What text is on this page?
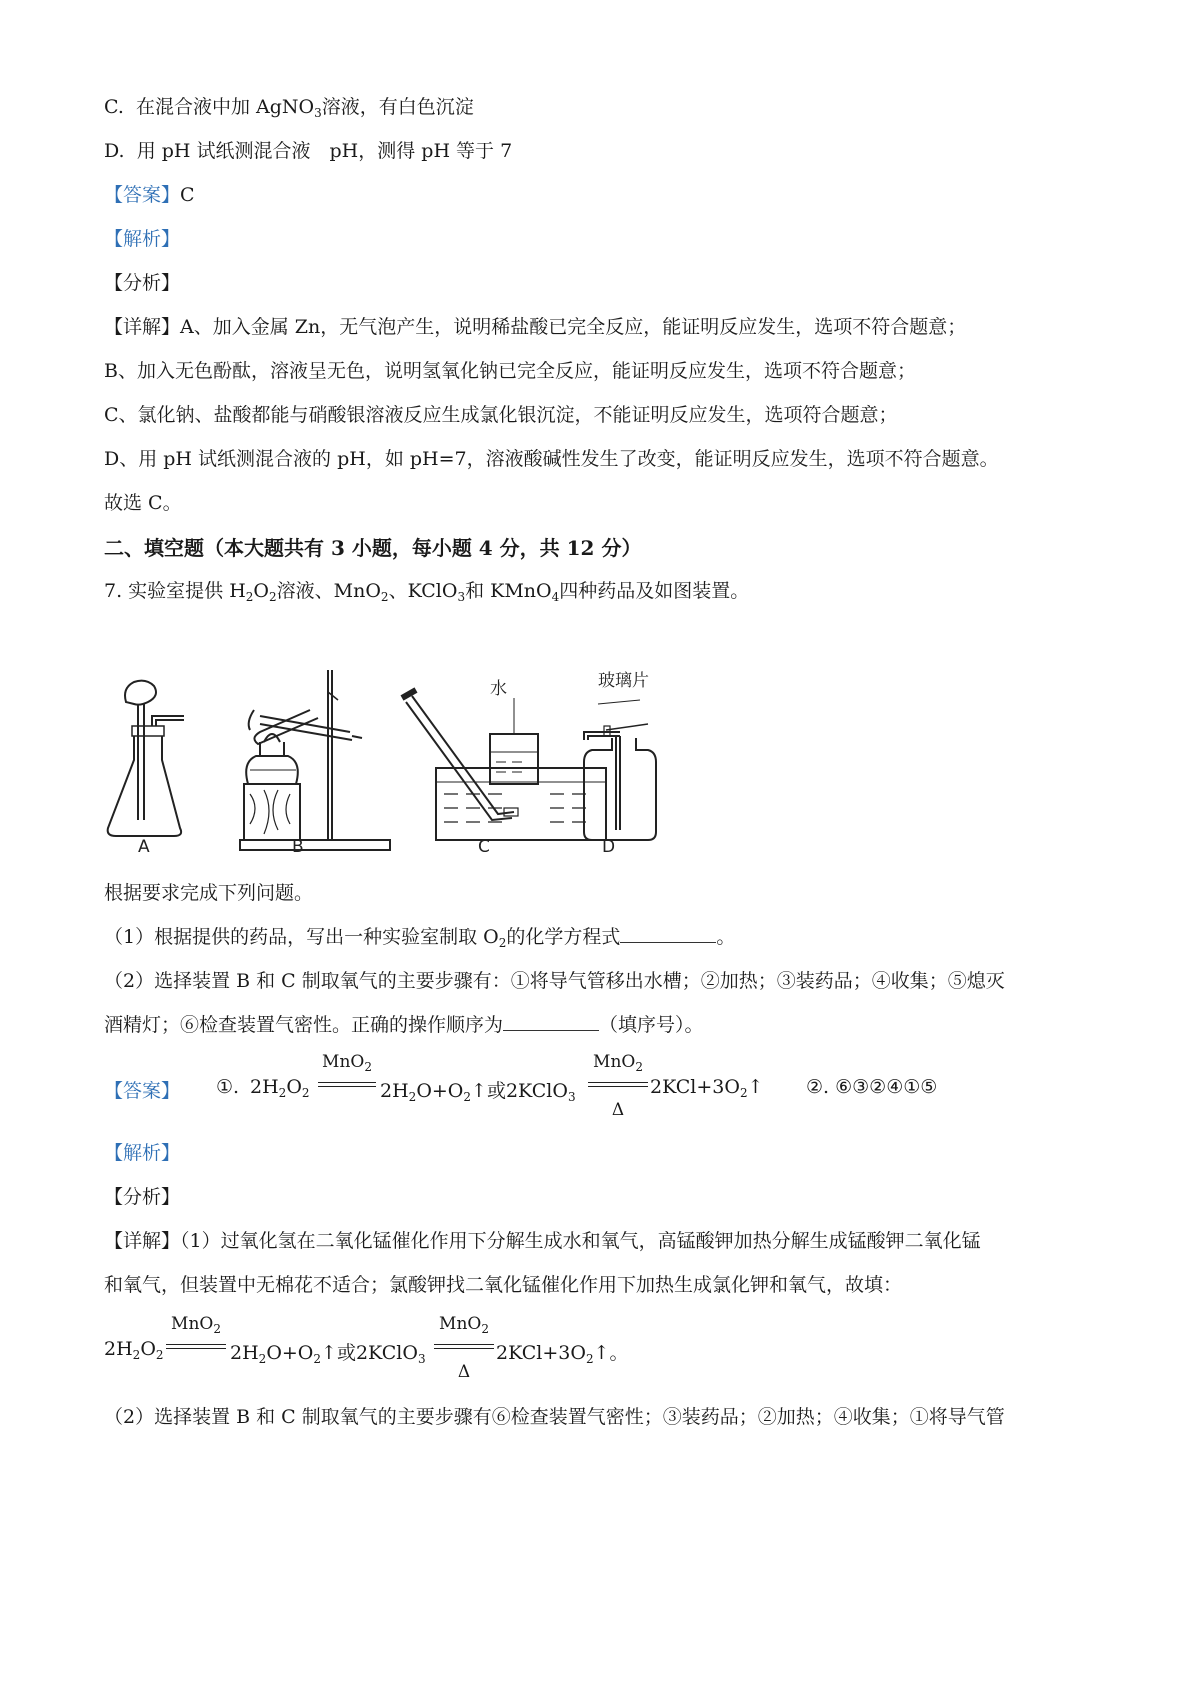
C. 在混合液中加 AgNO$_3$溶液，有白色沉淀
D. 用 pH 试纸测混合液　pH，测得 pH 等于 7
【答案】C
【解析】
【分析】
【详解】A、加入金属 Zn，无气泡产生，说明稀盐酸已完全反应，能证明反应发生，选项不符合题意；
B、加入无色酚酞，溶液呈无色，说明氢氧化钠已完全反应，能证明反应发生，选项不符合题意；
C、氯化钠、盐酸都能与硝酸银溶液反应生成氯化银沉淀，不能证明反应发生，选项符合题意；
D、用 pH 试纸测混合液的 pH，如 pH=7，溶液酸碱性发生了改变，能证明反应发生，选项不符合题意。
故选 C。
二、填空题（本大题共有 3 小题，每小题 4 分，共 12 分）
7. 实验室提供 $H_2O_2$溶液、MnO$_2$、KClO$_3$和 KMnO$_4$四种药品及如图装置。
水	玻璃片
A	B	C	D
根据要求完成下列问题。
（1）根据提供的药品，写出一种实验室制取 $O_2$的化学方程式	。
（2）选择装置 B 和 C 制取氧气的主要步骤有：①将导气管移出水槽；②加热；③装药品；④收集；⑤熄灭
酒精灯；⑥检查装置气密性。正确的操作顺序为	（填序号）。
【答案】 ①. $2H_2O_2$
MnO$_2$
$2H_2O+O_2↑$或2KClO$_3$
MnO$_2$
Δ
$2KCl+3O_2↑$ ②. ⑥③②④①⑤
【解析】
【分析】
【详解】（1）过氧化氢在二氧化锰催化作用下分解生成水和氧气，高锰酸钾加热分解生成锰酸钾二氧化锰
和氧气，但装置中无棉花不适合；氯酸钾找二氧化锰催化作用下加热生成氯化钾和氧气，故填：
$2H_2O_2$
MnO$_2$
$2H_2O+O_2↑$或2KClO$_3$
MnO$_2$
Δ
$2KCl+3O_2↑$。
（2）选择装置 B 和 C 制取氧气的主要步骤有⑥检查装置气密性；③装药品；②加热；④收集；①将导气管
